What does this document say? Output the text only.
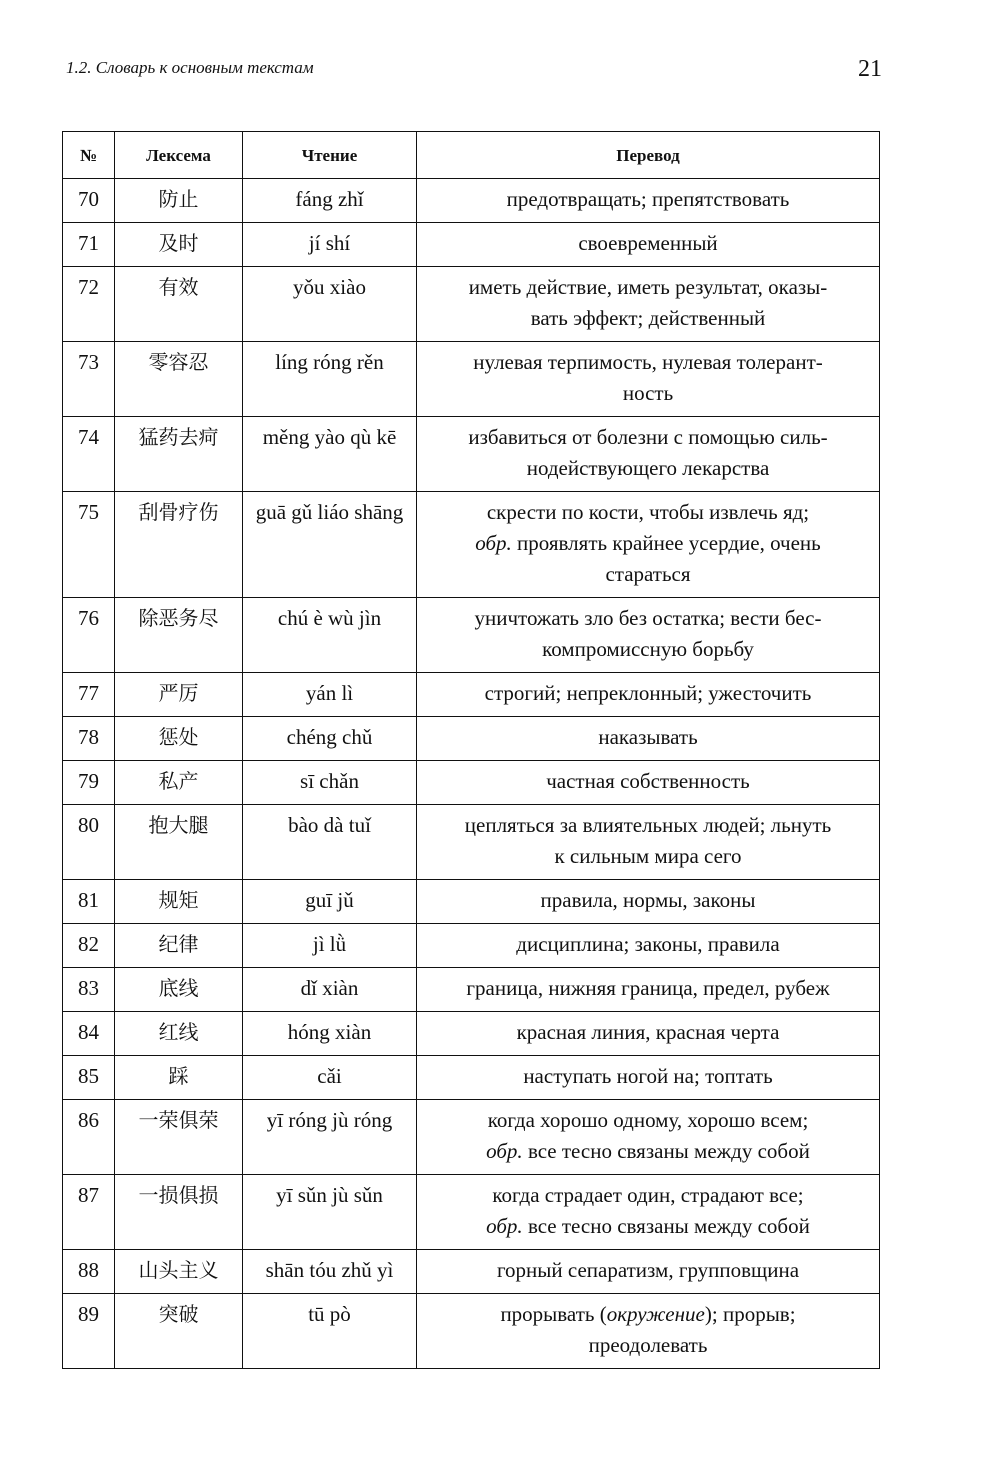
1.2. Словарь к основным текстам	21
№	Лексема	Чтение	Перевод
70	防止	fáng zhǐ	предотвращать; препятствовать
71	及时	jí shí	своевременный
72	有效	yǒu xiào	иметь действие, иметь результат, оказы-
вать эффект; действенный
73	零容忍	líng róng rěn	нулевая терпимость, нулевая толерант-
ность
74	猛药去疴	měng yào qù kē	избавиться от болезни с помощью силь-
нодействующего лекарства
75	刮骨疗伤	guā gǔ liáo shāng	скрести по кости, чтобы извлечь яд;
обр. проявлять крайнее усердие, очень
стараться
76	除恶务尽	chú è wù jìn	уничтожать зло без остатка; вести бес-
компромиссную борьбу
77	严厉	yán lì	строгий; непреклонный; ужесточить
78	惩处	chéng chǔ	наказывать
79	私产	sī chǎn	частная собственность
80	抱大腿	bào dà tuǐ	цепляться за влиятельных людей; льнуть
к сильным мира сего
81	规矩	guī jǔ	правила, нормы, законы
82	纪律	jì lǜ	дисциплина; законы, правила
83	底线	dǐ xiàn	граница, нижняя граница, предел, рубеж
84	红线	hóng xiàn	красная линия, красная черта
85	踩	cǎi	наступать ногой на; топтать
86	一荣俱荣	yī róng jù róng	когда хорошо одному, хорошо всем;
обр. все тесно связаны между собой
87	一损俱损	yī sǔn jù sǔn	когда страдает один, страдают все;
обр. все тесно связаны между собой
88	山头主义	shān tóu zhǔ yì	горный сепаратизм, групповщина
89	突破	tū pò	прорывать (окружение); прорыв;
преодолевать
